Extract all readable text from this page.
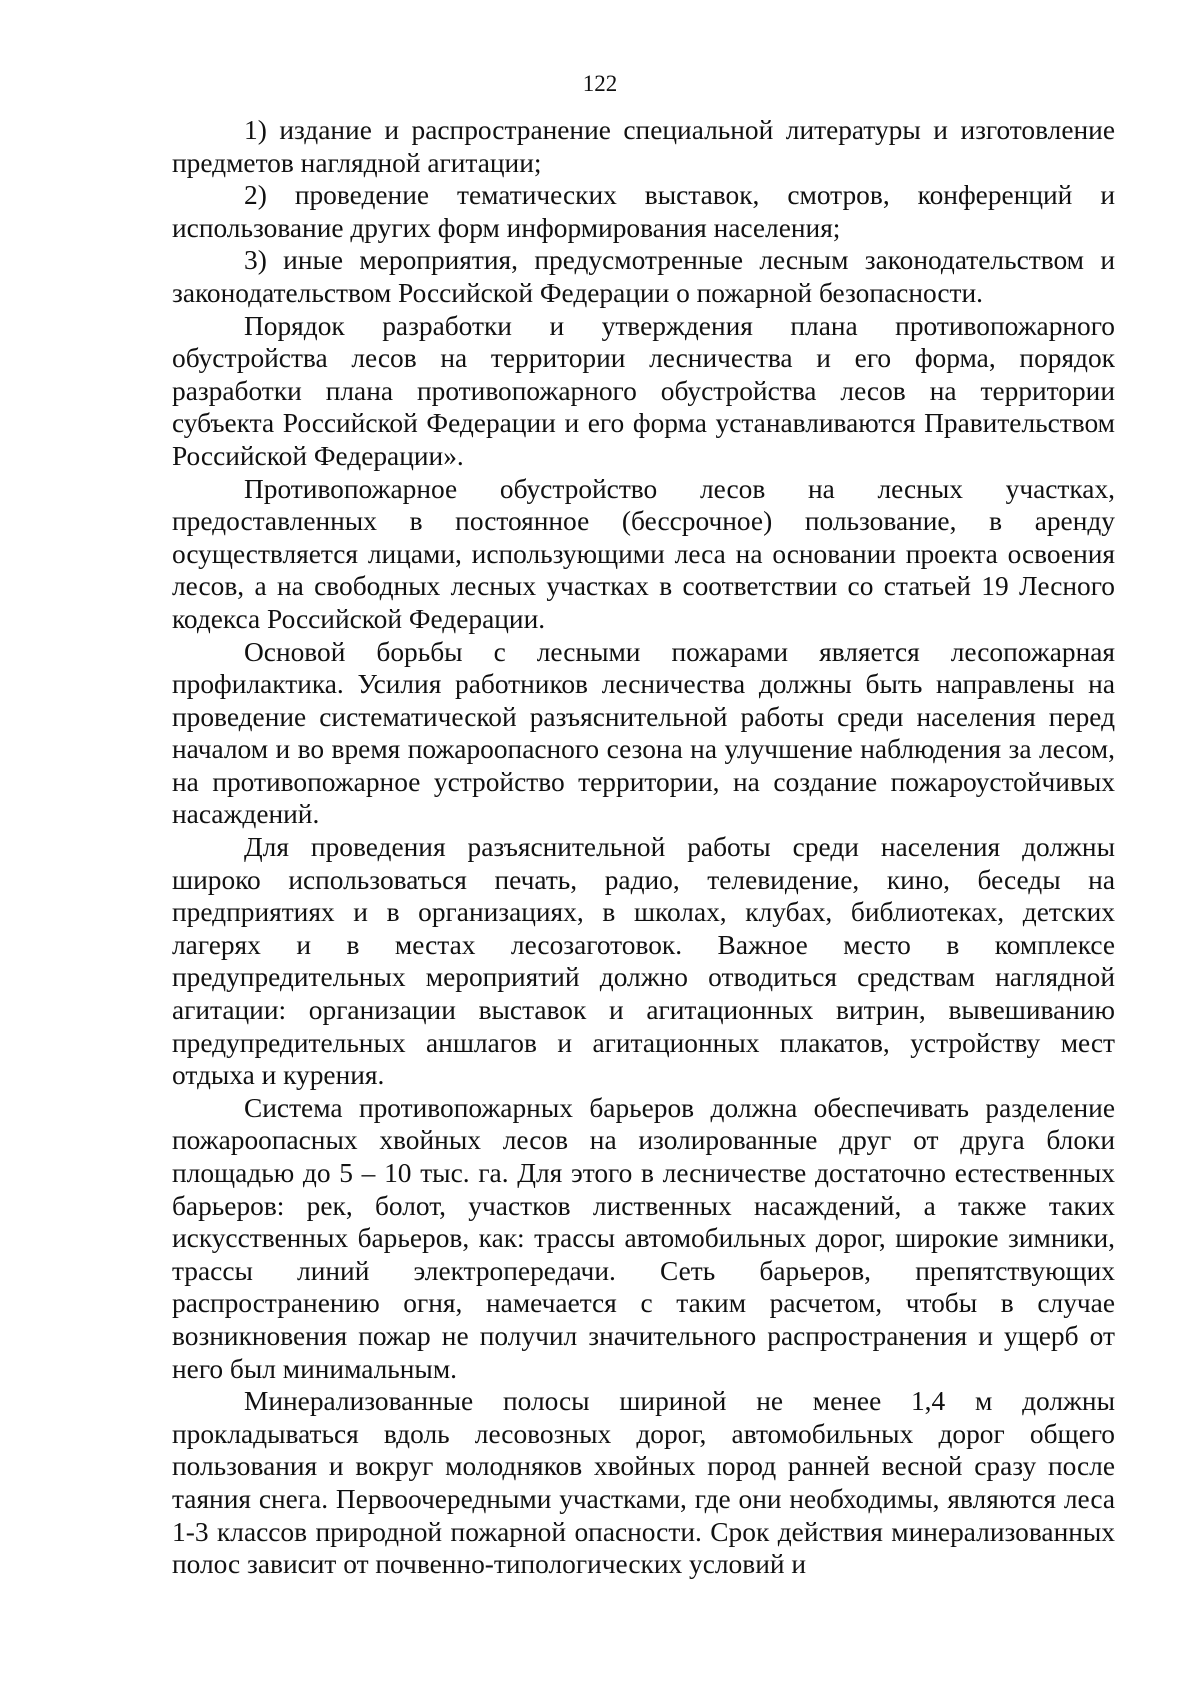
122

1) издание и распространение специальной литературы и изготовление предметов наглядной агитации;

2) проведение тематических выставок, смотров, конференций и использование других форм информирования населения;

3) иные мероприятия, предусмотренные лесным законодательством и законодательством Российской Федерации о пожарной безопасности.

Порядок разработки и утверждения плана противопожарного обустройства лесов на территории лесничества и его форма, порядок разработки плана противопожарного обустройства лесов на территории субъекта Российской Федерации и его форма устанавливаются Правительством Российской Федерации».

Противопожарное обустройство лесов на лесных участках, предоставленных в постоянное (бессрочное) пользование, в аренду осуществляется лицами, использующими леса на основании проекта освоения лесов, а на свободных лесных участках в соответствии со статьей 19 Лесного кодекса Российской Федерации.

Основой борьбы с лесными пожарами является лесопожарная профилактика. Усилия работников лесничества должны быть направлены на проведение систематической разъяснительной работы среди населения перед началом и во время пожароопасного сезона на улучшение наблюдения за лесом, на противопожарное устройство территории, на создание пожароустойчивых насаждений.

Для проведения разъяснительной работы среди населения должны широко использоваться печать, радио, телевидение, кино, беседы на предприятиях и в организациях, в школах, клубах, библиотеках, детских лагерях и в местах лесозаготовок. Важное место в комплексе предупредительных мероприятий должно отводиться средствам наглядной агитации: организации выставок и агитационных витрин, вывешиванию предупредительных аншлагов и агитационных плакатов, устройству мест отдыха и курения.

Система противопожарных барьеров должна обеспечивать разделение пожароопасных хвойных лесов на изолированные друг от друга блоки площадью до 5 – 10 тыс. га. Для этого в лесничестве достаточно естественных барьеров: рек, болот, участков лиственных насаждений, а также таких искусственных барьеров, как: трассы автомобильных дорог, широкие зимники, трассы линий электропередачи. Сеть барьеров, препятствующих распространению огня, намечается с таким расчетом, чтобы в случае возникновения пожар не получил значительного распространения и ущерб от него был минимальным.

Минерализованные полосы шириной не менее 1,4 м должны прокладываться вдоль лесовозных дорог, автомобильных дорог общего пользования и вокруг молодняков хвойных пород ранней весной сразу после таяния снега. Первоочередными участками, где они необходимы, являются леса 1-3 классов природной пожарной опасности. Срок действия минерализованных полос зависит от почвенно-типологических условий и
